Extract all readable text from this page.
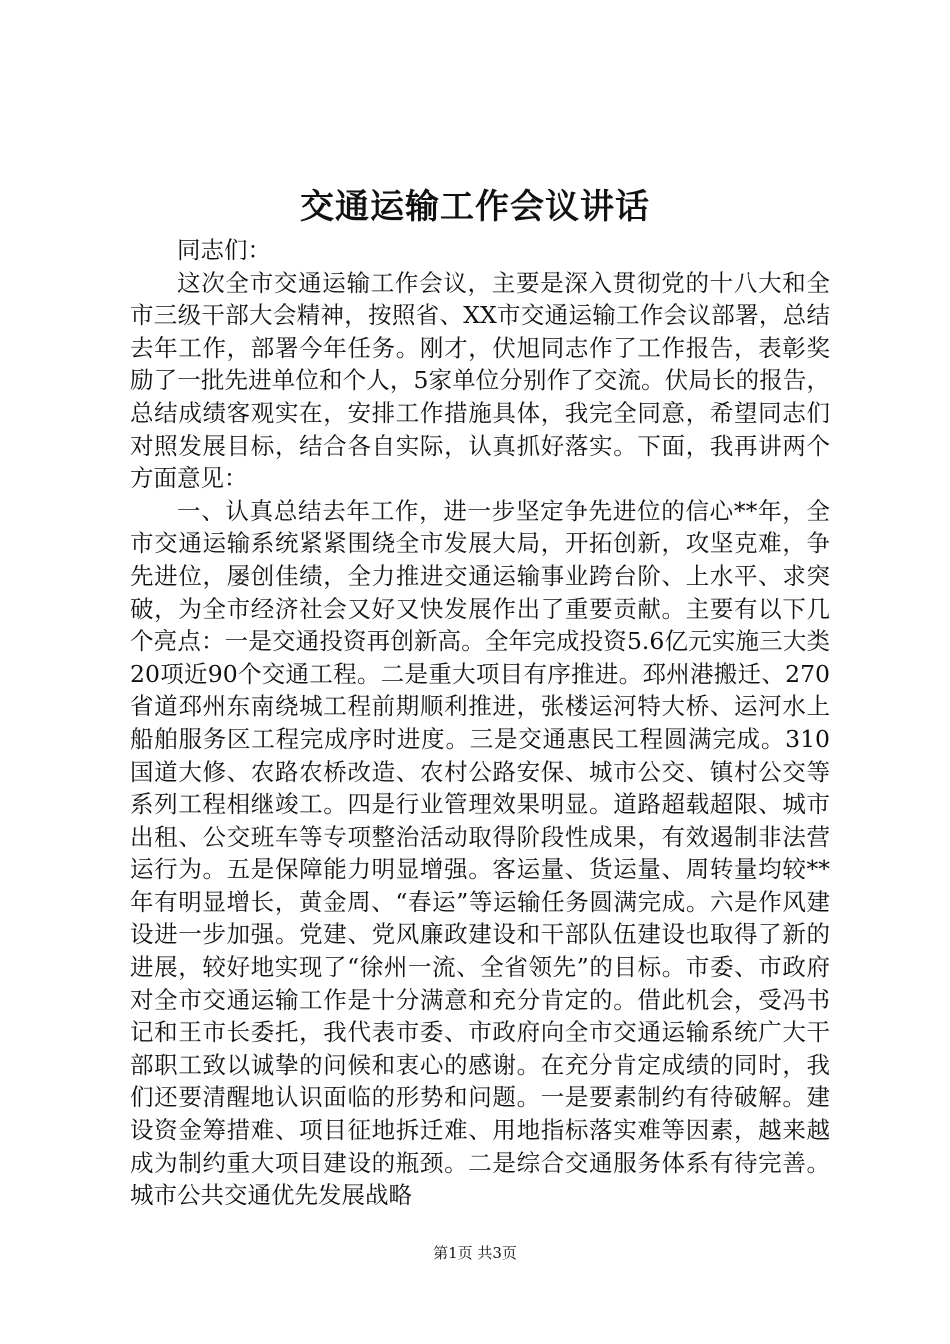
交通运输工作会议讲话

同志们：

这次全市交通运输工作会议，主要是深入贯彻党的十八大和全市三级干部大会精神，按照省、XX市交通运输工作会议部署，总结去年工作，部署今年任务。刚才，伏旭同志作了工作报告，表彰奖励了一批先进单位和个人，5家单位分别作了交流。伏局长的报告，总结成绩客观实在，安排工作措施具体，我完全同意，希望同志们对照发展目标，结合各自实际，认真抓好落实。下面，我再讲两个方面意见：

一、认真总结去年工作，进一步坚定争先进位的信心**年，全市交通运输系统紧紧围绕全市发展大局，开拓创新，攻坚克难，争先进位，屡创佳绩，全力推进交通运输事业跨台阶、上水平、求突破，为全市经济社会又好又快发展作出了重要贡献。主要有以下几个亮点：一是交通投资再创新高。全年完成投资5.6亿元实施三大类20项近90个交通工程。二是重大项目有序推进。邳州港搬迁、270省道邳州东南绕城工程前期顺利推进，张楼运河特大桥、运河水上船舶服务区工程完成序时进度。三是交通惠民工程圆满完成。310国道大修、农路农桥改造、农村公路安保、城市公交、镇村公交等系列工程相继竣工。四是行业管理效果明显。道路超载超限、城市出租、公交班车等专项整治活动取得阶段性成果，有效遏制非法营运行为。五是保障能力明显增强。客运量、货运量、周转量均较**年有明显增长，黄金周、“春运”等运输任务圆满完成。六是作风建设进一步加强。党建、党风廉政建设和干部队伍建设也取得了新的进展，较好地实现了“徐州一流、全省领先”的目标。市委、市政府对全市交通运输工作是十分满意和充分肯定的。借此机会，受冯书记和王市长委托，我代表市委、市政府向全市交通运输系统广大干部职工致以诚挚的问候和衷心的感谢。在充分肯定成绩的同时，我们还要清醒地认识面临的形势和问题。一是要素制约有待破解。建设资金筹措难、项目征地拆迁难、用地指标落实难等因素，越来越成为制约重大项目建设的瓶颈。二是综合交通服务体系有待完善。城市公共交通优先发展战略

第1页 共3页
